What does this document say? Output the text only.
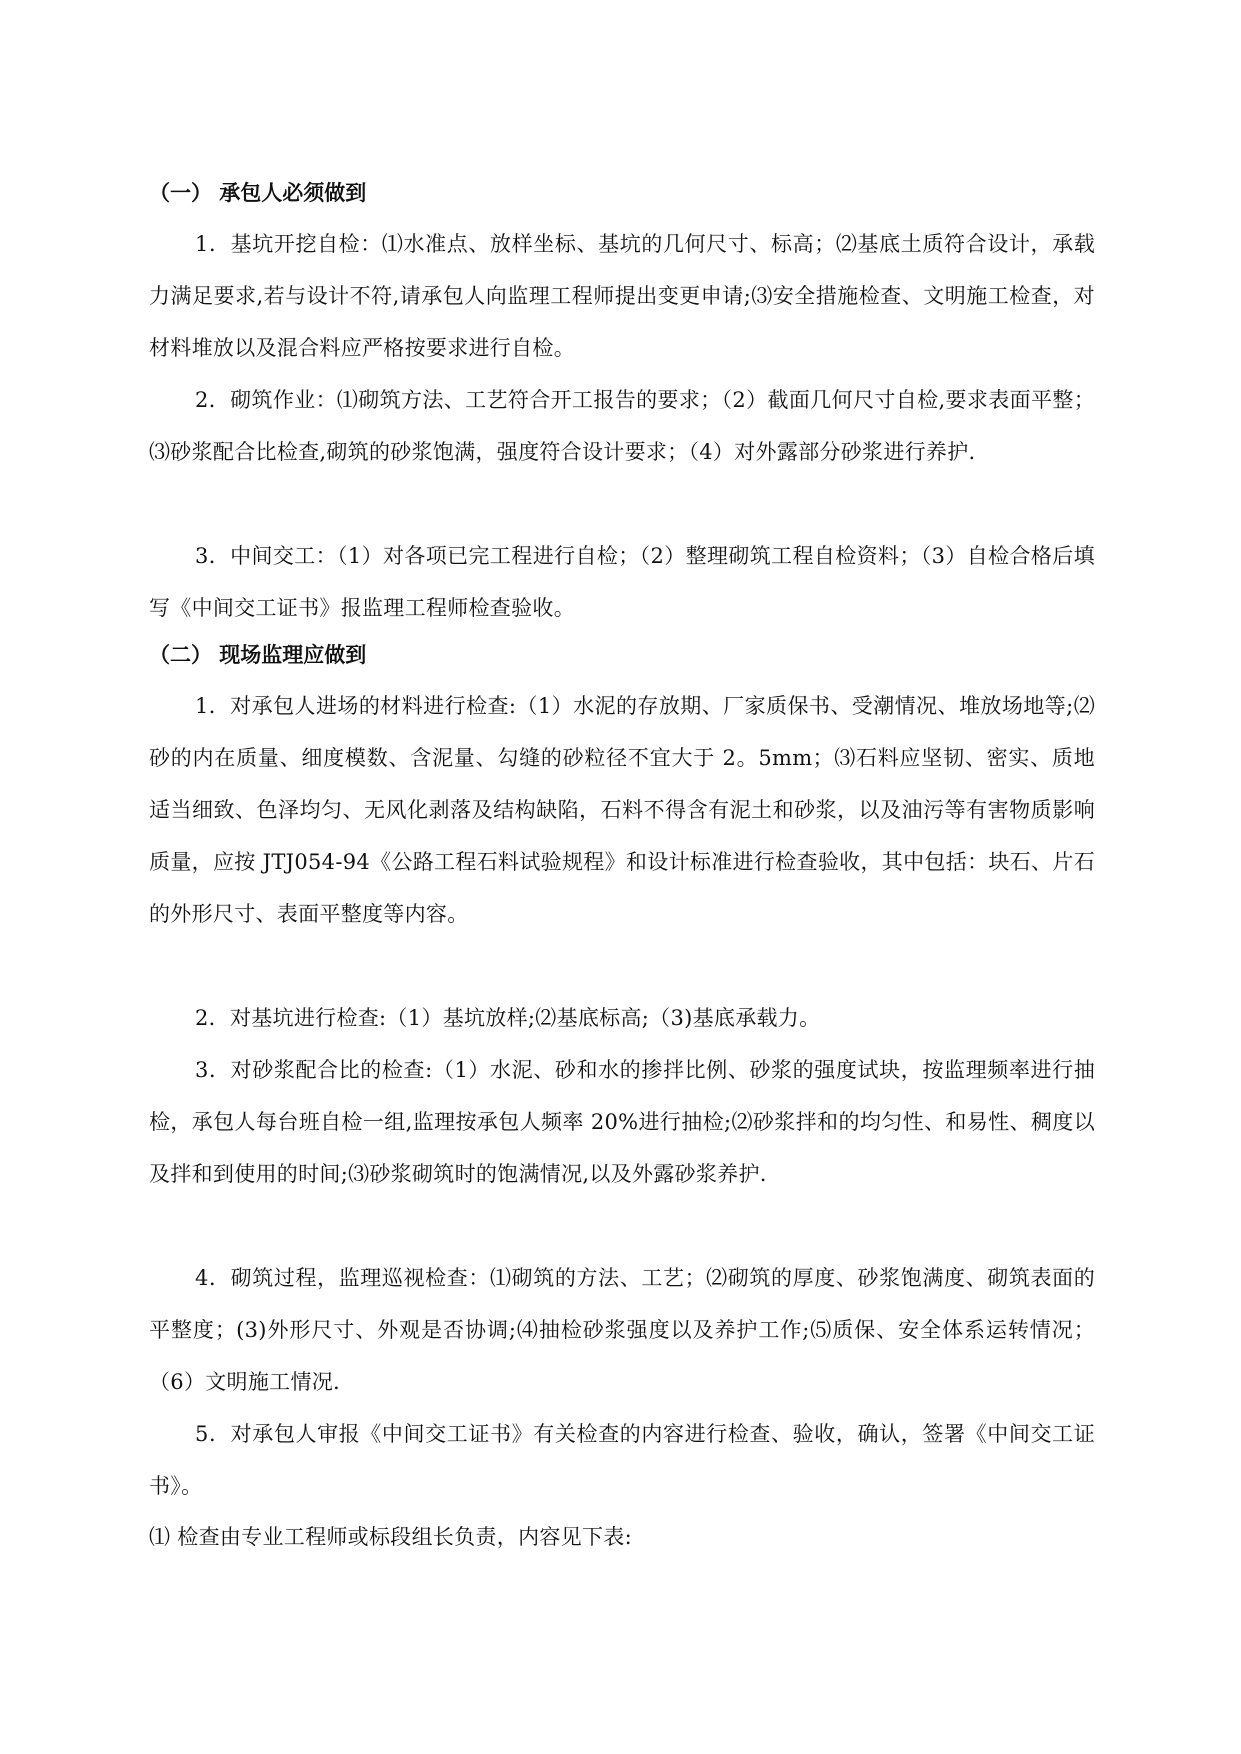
（一） 承包人必须做到

1．基坑开挖自检：⑴水准点、放样坐标、基坑的几何尺寸、标高；⑵基底土质符合设计，承载力满足要求,若与设计不符,请承包人向监理工程师提出变更申请;⑶安全措施检查、文明施工检查，对材料堆放以及混合料应严格按要求进行自检。

2．砌筑作业：⑴砌筑方法、工艺符合开工报告的要求；（2）截面几何尺寸自检,要求表面平整；⑶砂浆配合比检查,砌筑的砂浆饱满，强度符合设计要求；（4）对外露部分砂浆进行养护.

3．中间交工：（1）对各项已完工程进行自检；（2）整理砌筑工程自检资料；（3）自检合格后填写《中间交工证书》报监理工程师检查验收。

（二） 现场监理应做到

1．对承包人进场的材料进行检查:（1）水泥的存放期、厂家质保书、受潮情况、堆放场地等;⑵砂的内在质量、细度模数、含泥量、勾缝的砂粒径不宜大于 2。5mm；⑶石料应坚韧、密实、质地适当细致、色泽均匀、无风化剥落及结构缺陷，石料不得含有泥土和砂浆，以及油污等有害物质影响质量，应按 JTJ054-94《公路工程石料试验规程》和设计标准进行检查验收，其中包括：块石、片石的外形尺寸、表面平整度等内容。

2．对基坑进行检查:（1）基坑放样;⑵基底标高;（3)基底承载力。

3．对砂浆配合比的检查:（1）水泥、砂和水的掺拌比例、砂浆的强度试块，按监理频率进行抽检，承包人每台班自检一组,监理按承包人频率 20%进行抽检;⑵砂浆拌和的均匀性、和易性、稠度以及拌和到使用的时间;⑶砂浆砌筑时的饱满情况,以及外露砂浆养护.

4．砌筑过程，监理巡视检查：⑴砌筑的方法、工艺；⑵砌筑的厚度、砂浆饱满度、砌筑表面的平整度；(3)外形尺寸、外观是否协调;⑷抽检砂浆强度以及养护工作;⑸质保、安全体系运转情况；（6）文明施工情况.

5．对承包人审报《中间交工证书》有关检查的内容进行检查、验收，确认，签署《中间交工证书》。

⑴ 检查由专业工程师或标段组长负责，内容见下表:
